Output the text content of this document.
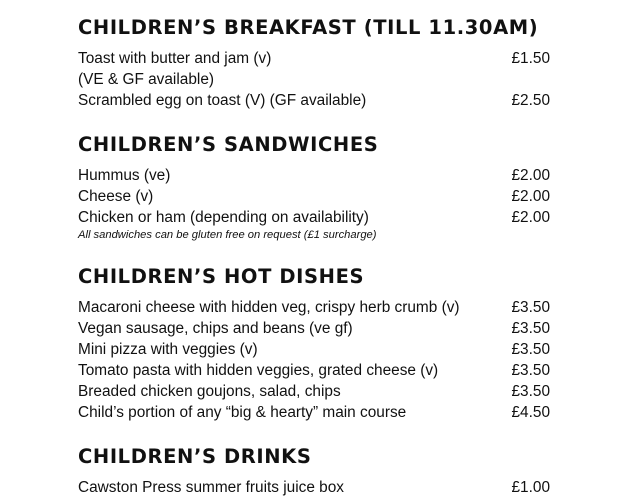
CHILDREN’S BREAKFAST (TILL 11.30AM)
Toast with butter and jam (v)	£1.50
(VE & GF available)
Scrambled egg on toast (V) (GF available)	£2.50
CHILDREN’S SANDWICHES
Hummus (ve)	£2.00
Cheese (v)	£2.00
Chicken or ham (depending on availability)	£2.00
All sandwiches can be gluten free on request (£1 surcharge)
CHILDREN’S HOT DISHES
Macaroni cheese with hidden veg, crispy herb crumb (v)	£3.50
Vegan sausage, chips and beans (ve gf)	£3.50
Mini pizza with veggies (v)	£3.50
Tomato pasta with hidden veggies, grated cheese (v)	£3.50
Breaded chicken goujons, salad, chips	£3.50
Child’s portion of any “big & hearty” main course	£4.50
CHILDREN’S DRINKS
Cawston Press summer fruits juice box	£1.00
